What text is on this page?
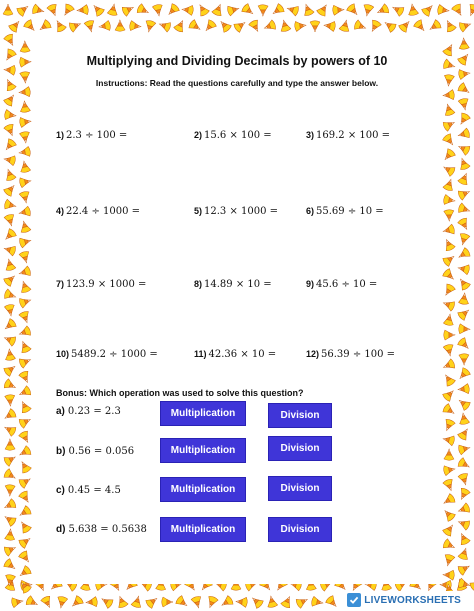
Multiplying and Dividing Decimals by powers of 10
Instructions: Read the questions carefully and type the answer below.
1) 2.3 ÷ 100 =	2) 15.6 × 100 =	3) 169.2 × 100 =
4) 22.4 ÷ 1000 =	5) 12.3 × 1000 =	6) 55.69 ÷ 10 =
7) 123.9 × 1000 =	8) 14.89 × 10 =	9) 45.6 ÷ 10 =
10) 5489.2 ÷ 1000 =	11) 42.36 × 10 =	12) 56.39 ÷ 100 =
Bonus: Which operation was used to solve this question?
a) 0.23 = 2.3	Multiplication	Division
b) 0.56 = 0.056	Multiplication	Division
c) 0.45 = 4.5	Multiplication	Division
d) 5.638 = 0.5638	Multiplication	Division
LIVEWORKSHEETS
